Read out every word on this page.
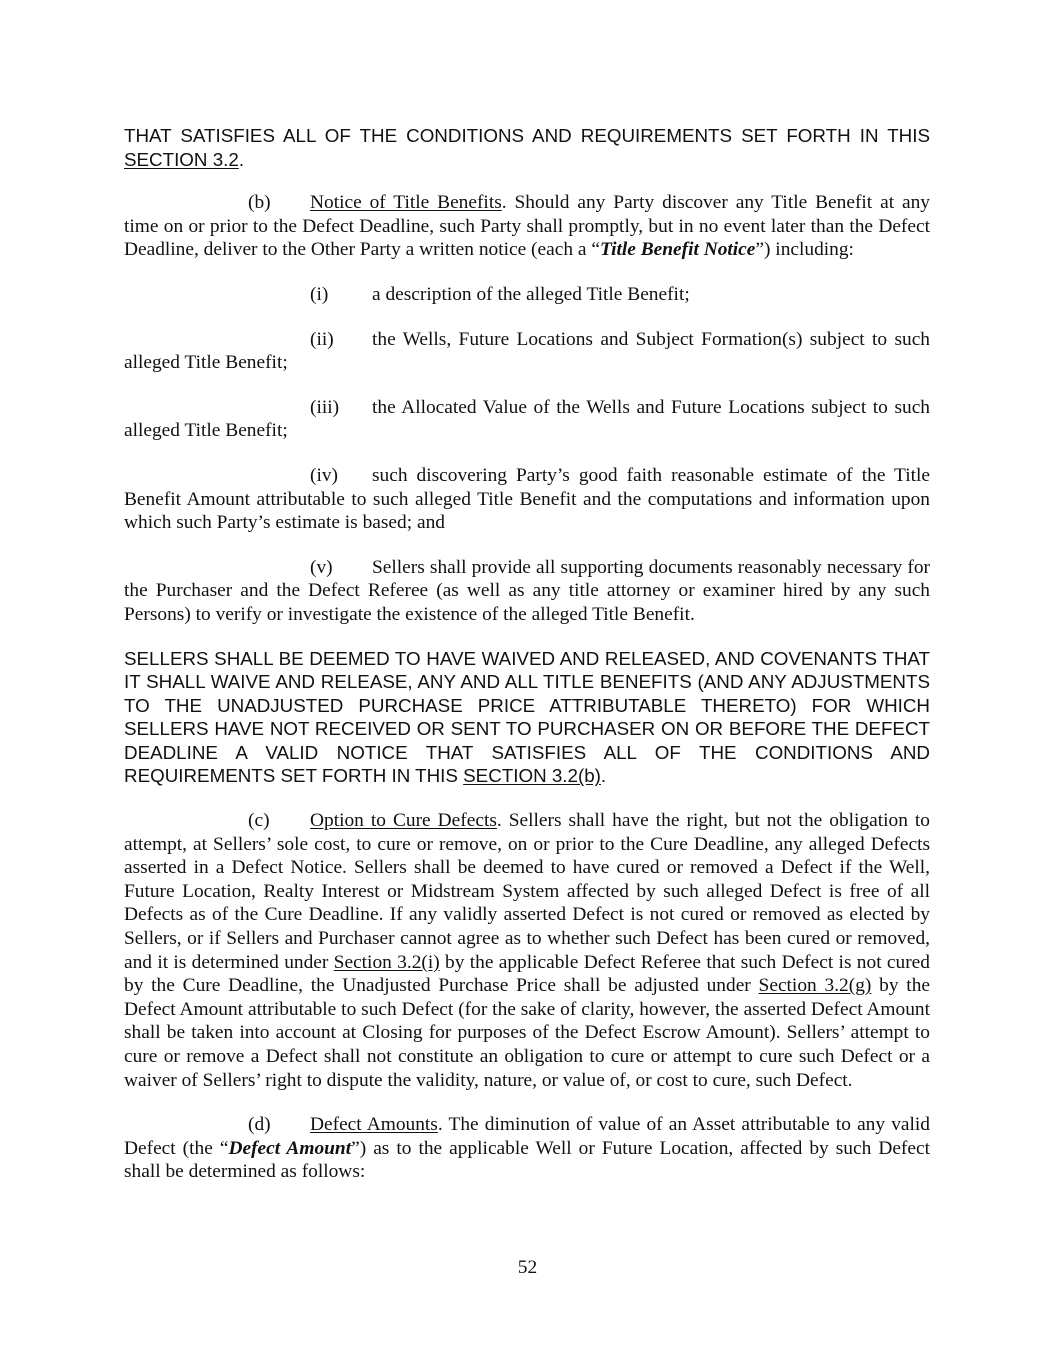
THAT SATISFIES ALL OF THE CONDITIONS AND REQUIREMENTS SET FORTH IN THIS SECTION 3.2.

(b) Notice of Title Benefits. Should any Party discover any Title Benefit at any time on or prior to the Defect Deadline, such Party shall promptly, but in no event later than the Defect Deadline, deliver to the Other Party a written notice (each a “Title Benefit Notice”) including:

(i) a description of the alleged Title Benefit;

(ii) the Wells, Future Locations and Subject Formation(s) subject to such alleged Title Benefit;

(iii) the Allocated Value of the Wells and Future Locations subject to such alleged Title Benefit;

(iv) such discovering Party’s good faith reasonable estimate of the Title Benefit Amount attributable to such alleged Title Benefit and the computations and information upon which such Party’s estimate is based; and

(v) Sellers shall provide all supporting documents reasonably necessary for the Purchaser and the Defect Referee (as well as any title attorney or examiner hired by any such Persons) to verify or investigate the existence of the alleged Title Benefit.

SELLERS SHALL BE DEEMED TO HAVE WAIVED AND RELEASED, AND COVENANTS THAT IT SHALL WAIVE AND RELEASE, ANY AND ALL TITLE BENEFITS (AND ANY ADJUSTMENTS TO THE UNADJUSTED PURCHASE PRICE ATTRIBUTABLE THERETO) FOR WHICH SELLERS HAVE NOT RECEIVED OR SENT TO PURCHASER ON OR BEFORE THE DEFECT DEADLINE A VALID NOTICE THAT SATISFIES ALL OF THE CONDITIONS AND REQUIREMENTS SET FORTH IN THIS SECTION 3.2(b).

(c) Option to Cure Defects. Sellers shall have the right, but not the obligation to attempt, at Sellers’ sole cost, to cure or remove, on or prior to the Cure Deadline, any alleged Defects asserted in a Defect Notice. Sellers shall be deemed to have cured or removed a Defect if the Well, Future Location, Realty Interest or Midstream System affected by such alleged Defect is free of all Defects as of the Cure Deadline. If any validly asserted Defect is not cured or removed as elected by Sellers, or if Sellers and Purchaser cannot agree as to whether such Defect has been cured or removed, and it is determined under Section 3.2(i) by the applicable Defect Referee that such Defect is not cured by the Cure Deadline, the Unadjusted Purchase Price shall be adjusted under Section 3.2(g) by the Defect Amount attributable to such Defect (for the sake of clarity, however, the asserted Defect Amount shall be taken into account at Closing for purposes of the Defect Escrow Amount). Sellers’ attempt to cure or remove a Defect shall not constitute an obligation to cure or attempt to cure such Defect or a waiver of Sellers’ right to dispute the validity, nature, or value of, or cost to cure, such Defect.

(d) Defect Amounts. The diminution of value of an Asset attributable to any valid Defect (the “Defect Amount”) as to the applicable Well or Future Location, affected by such Defect shall be determined as follows:

52
